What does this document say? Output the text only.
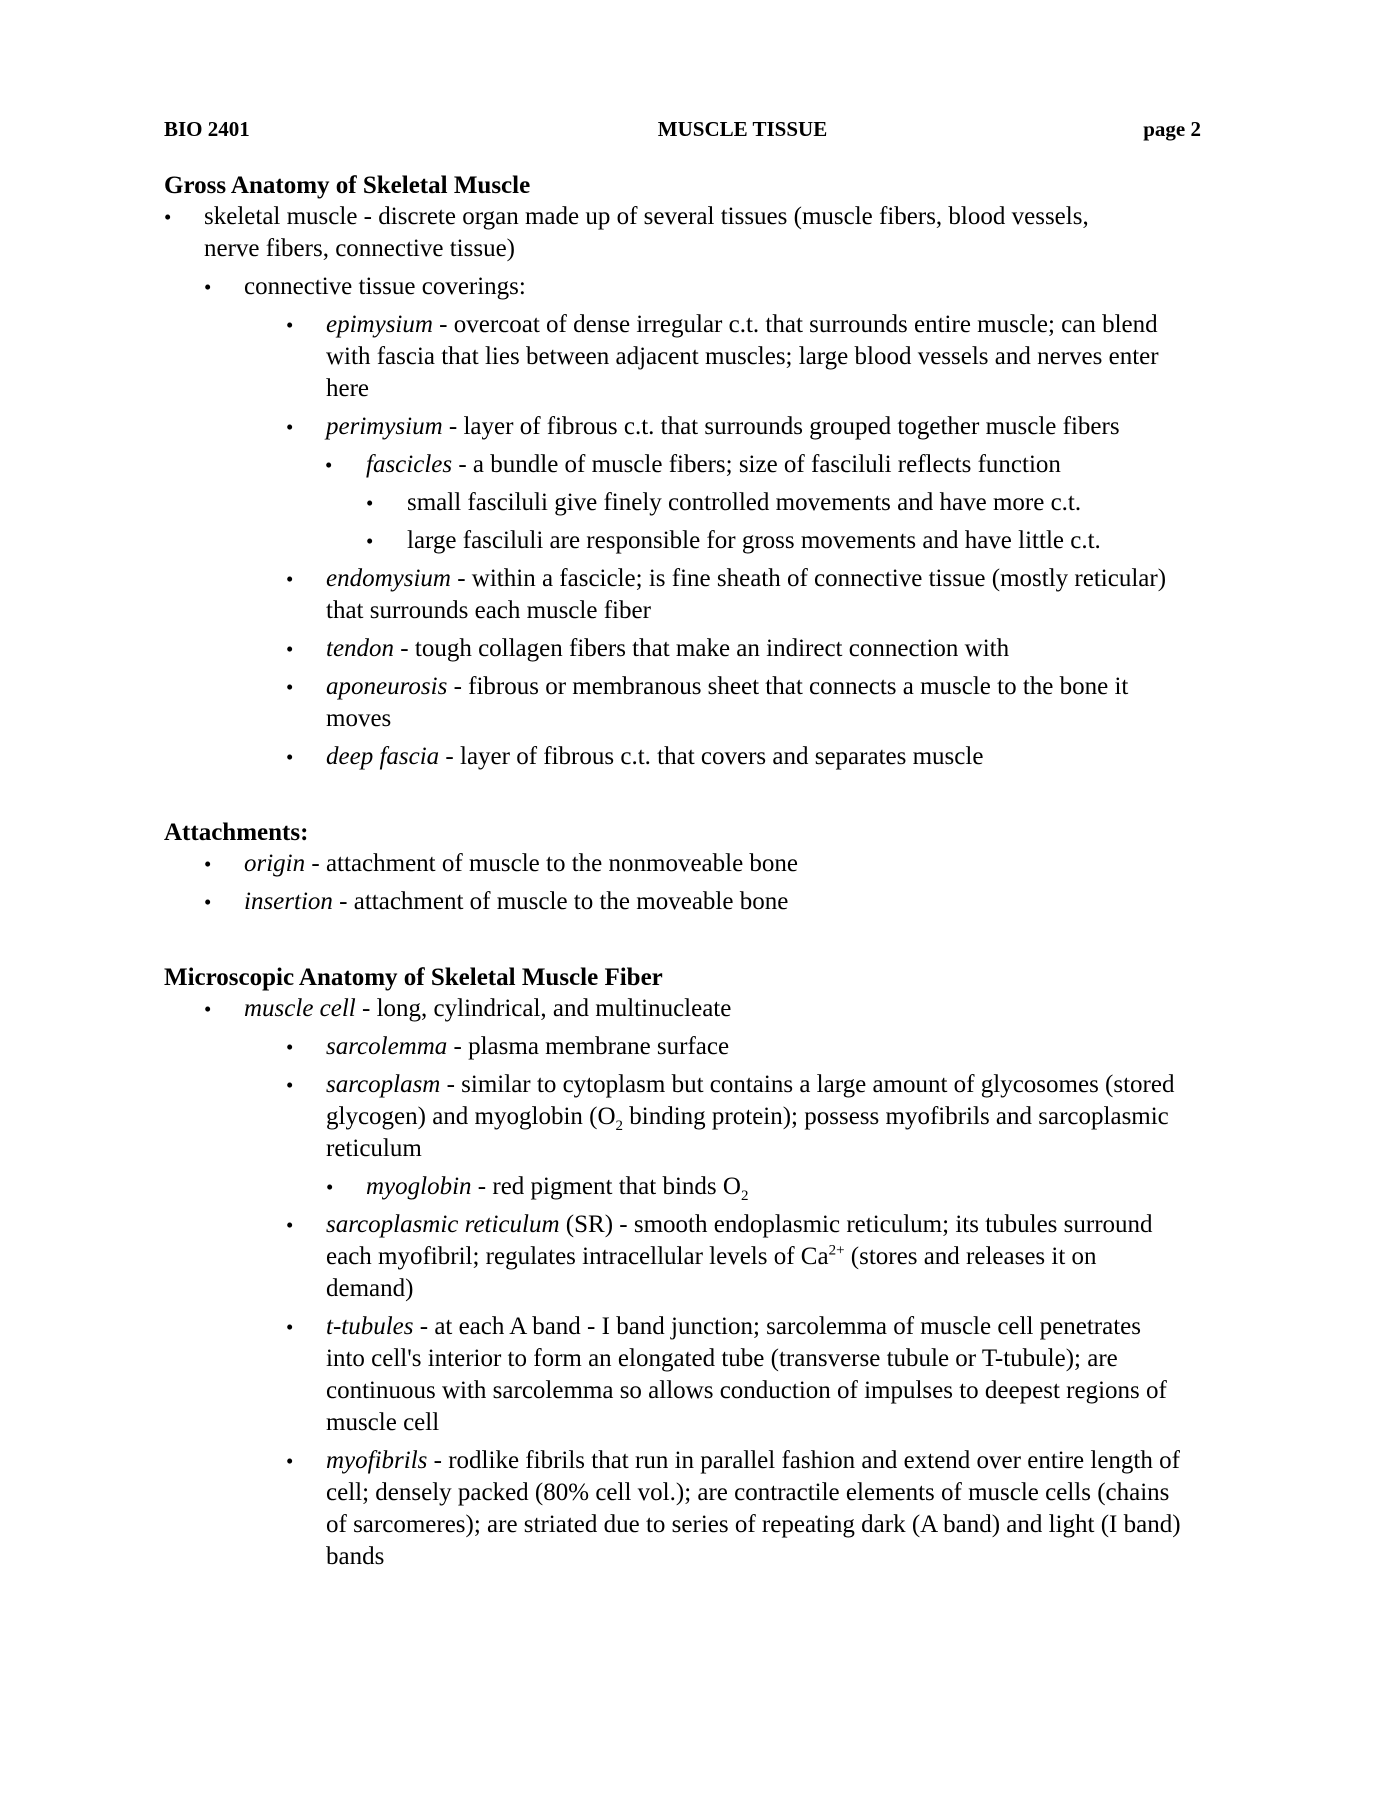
BIO 2401	MUSCLE TISSUE	page 2
Gross Anatomy of Skeletal Muscle
• skeletal muscle - discrete organ made up of several tissues (muscle fibers, blood vessels,
nerve fibers, connective tissue)
• connective tissue coverings:
• epimysium - overcoat of dense irregular c.t. that surrounds entire muscle; can blend
with fascia that lies between adjacent muscles; large blood vessels and nerves enter
here
• perimysium - layer of fibrous c.t. that surrounds grouped together muscle fibers
• fascicles - a bundle of muscle fibers; size of fasciluli reflects function
• small fasciluli give finely controlled movements and have more c.t.
• large fasciluli are responsible for gross movements and have little c.t.
• endomysium - within a fascicle; is fine sheath of connective tissue (mostly reticular)
that surrounds each muscle fiber
• tendon - tough collagen fibers that make an indirect connection with
• aponeurosis - fibrous or membranous sheet that connects a muscle to the bone it
moves
• deep fascia - layer of fibrous c.t. that covers and separates muscle
Attachments:
• origin - attachment of muscle to the nonmoveable bone
• insertion - attachment of muscle to the moveable bone
Microscopic Anatomy of Skeletal Muscle Fiber
• muscle cell - long, cylindrical, and multinucleate
• sarcolemma - plasma membrane surface
• sarcoplasm - similar to cytoplasm but contains a large amount of glycosomes (stored
glycogen) and myoglobin ($O_2$ binding protein); possess myofibrils and sarcoplasmic
reticulum
• myoglobin - red pigment that binds $O_2$
• sarcoplasmic reticulum (SR) - smooth endoplasmic reticulum; its tubules surround
each myofibril; regulates intracellular levels of $Ca^{2+}$ (stores and releases it on
demand)
• t-tubules - at each A band - I band junction; sarcolemma of muscle cell penetrates
into cell's interior to form an elongated tube (transverse tubule or T-tubule); are
continuous with sarcolemma so allows conduction of impulses to deepest regions of
muscle cell
• myofibrils - rodlike fibrils that run in parallel fashion and extend over entire length of
cell; densely packed (80% cell vol.); are contractile elements of muscle cells (chains
of sarcomeres); are striated due to series of repeating dark (A band) and light (I band)
bands
